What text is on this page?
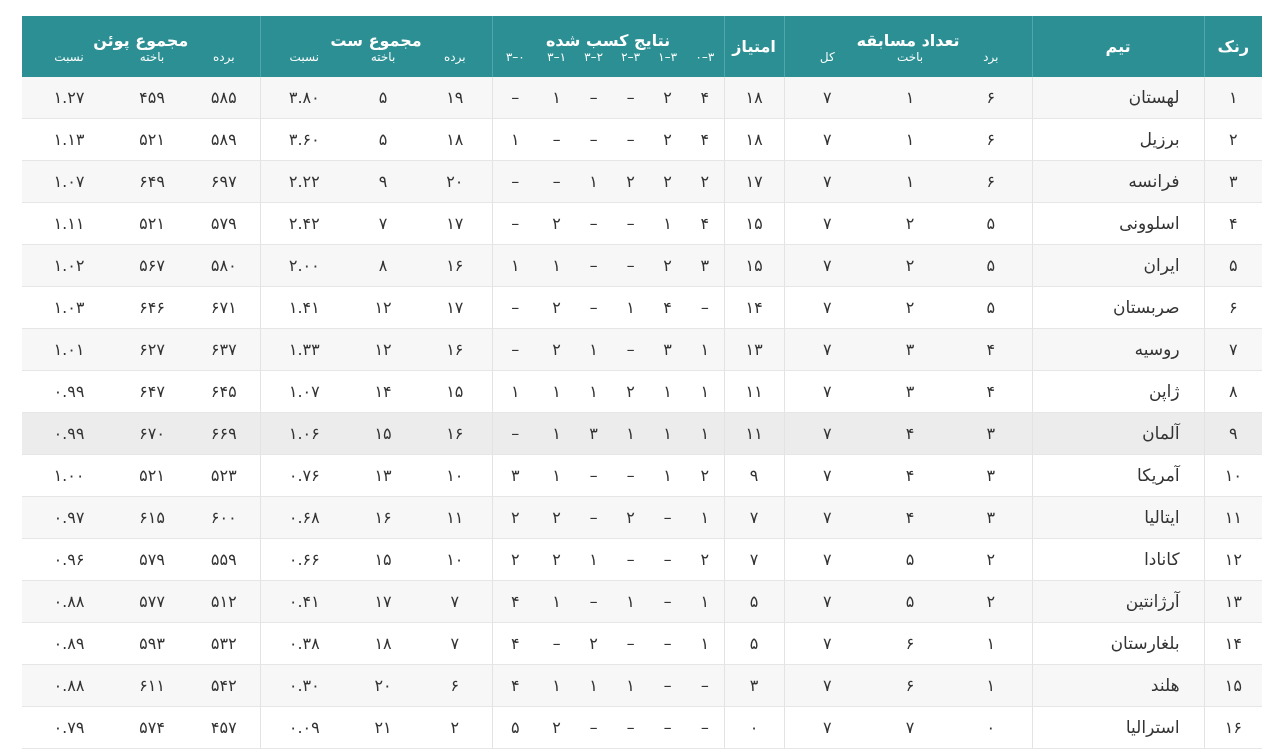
رنک	تیم	تعداد مسابقه			امتیاز	نتایج کسب شده						مجموع ست			مجموع پوئن		
		برد	باخت	کل		۳–۰	۳–۱	۳–۲	۲–۳	۱–۳	۰–۳	برده	باخته	نسبت	برده	باخته	نسبت
۱	لهستان	۶	۱	۷	۱۸	۴	۲	–	–	۱	–	۱۹	۵	۳.۸۰	۵۸۵	۴۵۹	۱.۲۷
۲	برزیل	۶	۱	۷	۱۸	۴	۲	–	–	–	۱	۱۸	۵	۳.۶۰	۵۸۹	۵۲۱	۱.۱۳
۳	فرانسه	۶	۱	۷	۱۷	۲	۲	۲	۱	–	–	۲۰	۹	۲.۲۲	۶۹۷	۶۴۹	۱.۰۷
۴	اسلوونی	۵	۲	۷	۱۵	۴	۱	–	–	۲	–	۱۷	۷	۲.۴۲	۵۷۹	۵۲۱	۱.۱۱
۵	ایران	۵	۲	۷	۱۵	۳	۲	–	–	۱	۱	۱۶	۸	۲.۰۰	۵۸۰	۵۶۷	۱.۰۲
۶	صربستان	۵	۲	۷	۱۴	–	۴	۱	–	۲	–	۱۷	۱۲	۱.۴۱	۶۷۱	۶۴۶	۱.۰۳
۷	روسیه	۴	۳	۷	۱۳	۱	۳	–	۱	۲	–	۱۶	۱۲	۱.۳۳	۶۳۷	۶۲۷	۱.۰۱
۸	ژاپن	۴	۳	۷	۱۱	۱	۱	۲	۱	۱	۱	۱۵	۱۴	۱.۰۷	۶۴۵	۶۴۷	۰.۹۹
۹	آلمان	۳	۴	۷	۱۱	۱	۱	۱	۳	۱	–	۱۶	۱۵	۱.۰۶	۶۶۹	۶۷۰	۰.۹۹
۱۰	آمریکا	۳	۴	۷	۹	۲	۱	–	–	۱	۳	۱۰	۱۳	۰.۷۶	۵۲۳	۵۲۱	۱.۰۰
۱۱	ایتالیا	۳	۴	۷	۷	۱	–	۲	–	۲	۲	۱۱	۱۶	۰.۶۸	۶۰۰	۶۱۵	۰.۹۷
۱۲	کانادا	۲	۵	۷	۷	۲	–	–	۱	۲	۲	۱۰	۱۵	۰.۶۶	۵۵۹	۵۷۹	۰.۹۶
۱۳	آرژانتین	۲	۵	۷	۵	۱	–	۱	–	۱	۴	۷	۱۷	۰.۴۱	۵۱۲	۵۷۷	۰.۸۸
۱۴	بلغارستان	۱	۶	۷	۵	۱	–	–	۲	–	۴	۷	۱۸	۰.۳۸	۵۳۲	۵۹۳	۰.۸۹
۱۵	هلند	۱	۶	۷	۳	–	–	۱	۱	۱	۴	۶	۲۰	۰.۳۰	۵۴۲	۶۱۱	۰.۸۸
۱۶	استرالیا	۰	۷	۷	۰	–	–	–	–	۲	۵	۲	۲۱	۰.۰۹	۴۵۷	۵۷۴	۰.۷۹
